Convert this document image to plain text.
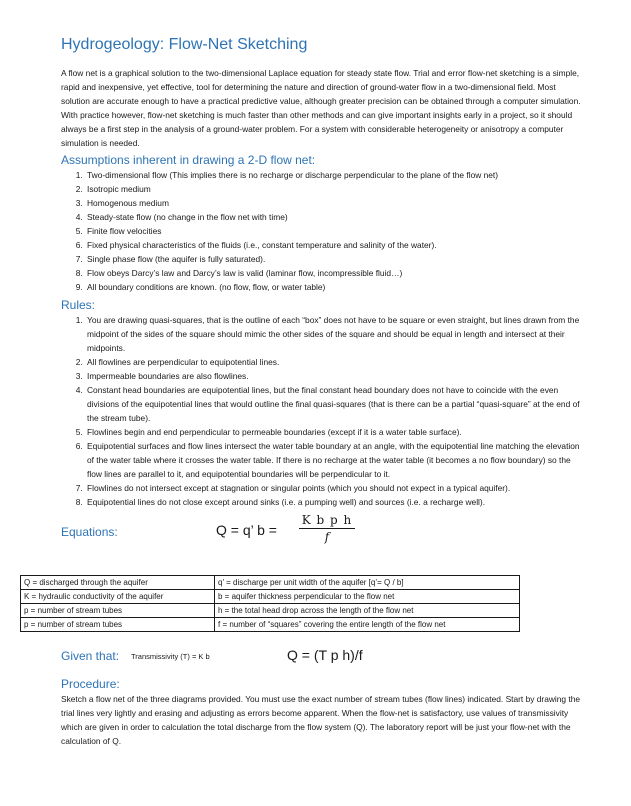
Hydrogeology: Flow-Net Sketching

A flow net is a graphical solution to the two-dimensional Laplace equation for steady state flow. Trial and error flow-net sketching is a simple, rapid and inexpensive, yet effective, tool for determining the nature and direction of ground-water flow in a two-dimensional field. Most solution are accurate enough to have a practical predictive value, although greater precision can be obtained through a computer simulation. With practice however, flow-net sketching is much faster than other methods and can give important insights early in a project, so it should always be a first step in the analysis of a ground-water problem. For a system with considerable heterogeneity or anisotropy a computer simulation is needed.

Assumptions inherent in drawing a 2-D flow net:
1. Two-dimensional flow (This implies there is no recharge or discharge perpendicular to the plane of the flow net)
2. Isotropic medium
3. Homogenous medium
4. Steady-state flow (no change in the flow net with time)
5. Finite flow velocities
6. Fixed physical characteristics of the fluids (i.e., constant temperature and salinity of the water).
7. Single phase flow (the aquifer is fully saturated).
8. Flow obeys Darcy’s law and Darcy’s law is valid (laminar flow, incompressible fluid…)
9. All boundary conditions are known. (no flow, flow, or water table)
Rules:
1. You are drawing quasi-squares, that is the outline of each “box” does not have to be square or even straight, but lines drawn from the midpoint of the sides of the square should mimic the other sides of the square and should be equal in length and intersect at their midpoints.
2. All flowlines are perpendicular to equipotential lines.
3. Impermeable boundaries are also flowlines.
4. Constant head boundaries are equipotential lines, but the final constant head boundary does not have to coincide with the even divisions of the equipotential lines that would outline the final quasi-squares (that is there can be a partial “quasi-square” at the end of the stream tube).
5. Flowlines begin and end perpendicular to permeable boundaries (except if it is a water table surface).
6. Equipotential surfaces and flow lines intersect the water table boundary at an angle, with the equipotential line matching the elevation of the water table where it crosses the water table. If there is no recharge at the water table (it becomes a no flow boundary) so the flow lines are parallel to it, and equipotential boundaries will be perpendicular to it.
7. Flowlines do not intersect except at stagnation or singular points (which you should not expect in a typical aquifer).
8. Equipotential lines do not close except around sinks (i.e. a pumping well) and sources (i.e. a recharge well).
Equations:	Q = q’ $b = \frac{\text{K b p h}}{f}$
Q = discharged through the aquifer	q’ = discharge per unit width of the aquifer [q’= Q / b]
K = hydraulic conductivity of the aquifer	b = aquifer thickness perpendicular to the flow net
p = number of stream tubes	h = the total head drop across the length of the flow net
p = number of stream tubes	f = number of “squares” covering the entire length of the flow net
Given that: Transmissivity (T) = K b	Q = (T p h)/f
Procedure:

Sketch a flow net of the three diagrams provided. You must use the exact number of stream tubes (flow lines) indicated. Start by drawing the trial lines very lightly and erasing and adjusting as errors become apparent. When the flow-net is satisfactory, use values of transmissivity which are given in order to calculation the total discharge from the flow system (Q). The laboratory report will be just your flow-net with the calculation of Q.
